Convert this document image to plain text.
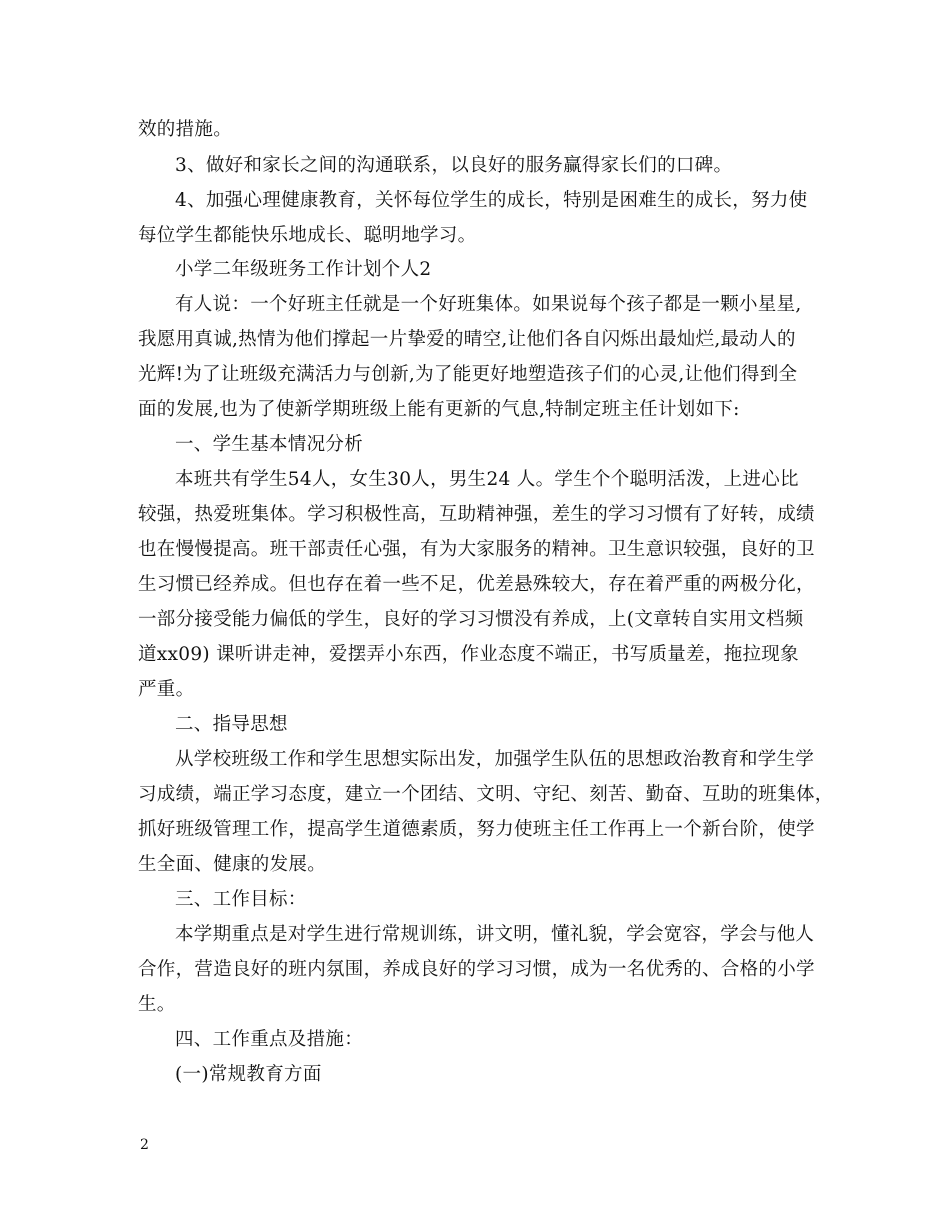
效的措施。
3、做好和家长之间的沟通联系，以良好的服务赢得家长们的口碑。
4、加强心理健康教育，关怀每位学生的成长，特别是困难生的成长，努力使
每位学生都能快乐地成长、聪明地学习。
小学二年级班务工作计划个人2
有人说：一个好班主任就是一个好班集体。如果说每个孩子都是一颗小星星,
我愿用真诚,热情为他们撑起一片挚爱的晴空,让他们各自闪烁出最灿烂,最动人的
光辉!为了让班级充满活力与创新,为了能更好地塑造孩子们的心灵,让他们得到全
面的发展,也为了使新学期班级上能有更新的气息,特制定班主任计划如下:
一、学生基本情况分析
本班共有学生54人，女生30人，男生24 人。学生个个聪明活泼，上进心比
较强，热爱班集体。学习积极性高，互助精神强，差生的学习习惯有了好转，成绩
也在慢慢提高。班干部责任心强，有为大家服务的精神。卫生意识较强，良好的卫
生习惯已经养成。但也存在着一些不足，优差悬殊较大，存在着严重的两极分化，
一部分接受能力偏低的学生，良好的学习习惯没有养成，上(文章转自实用文档频
道xx09) 课听讲走神，爱摆弄小东西，作业态度不端正，书写质量差，拖拉现象
严重。
二、指导思想
从学校班级工作和学生思想实际出发，加强学生队伍的思想政治教育和学生学
习成绩，端正学习态度，建立一个团结、文明、守纪、刻苦、勤奋、互助的班集体，
抓好班级管理工作，提高学生道德素质，努力使班主任工作再上一个新台阶，使学
生全面、健康的发展。
三、工作目标：
本学期重点是对学生进行常规训练，讲文明，懂礼貌，学会宽容，学会与他人
合作，营造良好的班内氛围，养成良好的学习习惯，成为一名优秀的、合格的小学
生。
四、工作重点及措施：
(一)常规教育方面
2
